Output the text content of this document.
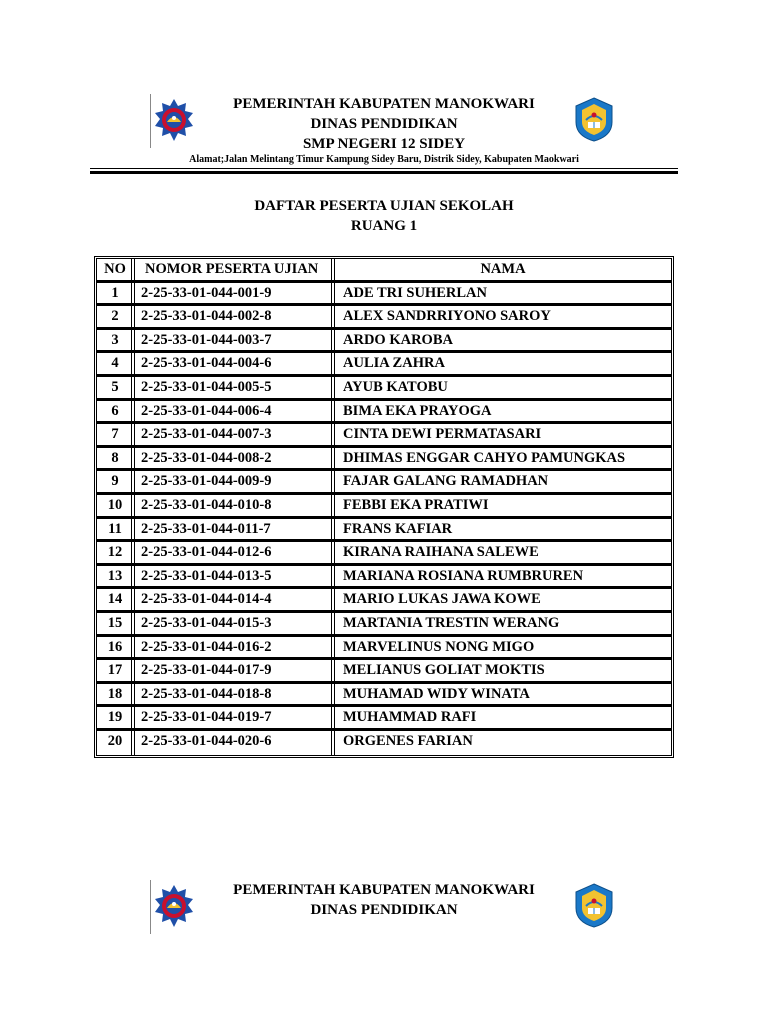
PEMERINTAH KABUPATEN MANOKWARI
DINAS PENDIDIKAN
SMP NEGERI 12 SIDEY
Alamat;Jalan Melintang Timur Kampung Sidey Baru, Distrik Sidey, Kabupaten Maokwari
DAFTAR PESERTA UJIAN SEKOLAH
RUANG 1
NO	NOMOR PESERTA UJIAN	NAMA
1	2-25-33-01-044-001-9	ADE TRI SUHERLAN
2	2-25-33-01-044-002-8	ALEX SANDRRIYONO SAROY
3	2-25-33-01-044-003-7	ARDO KAROBA
4	2-25-33-01-044-004-6	AULIA ZAHRA
5	2-25-33-01-044-005-5	AYUB KATOBU
6	2-25-33-01-044-006-4	BIMA EKA PRAYOGA
7	2-25-33-01-044-007-3	CINTA DEWI PERMATASARI
8	2-25-33-01-044-008-2	DHIMAS ENGGAR CAHYO PAMUNGKAS
9	2-25-33-01-044-009-9	FAJAR GALANG RAMADHAN
10	2-25-33-01-044-010-8	FEBBI EKA PRATIWI
11	2-25-33-01-044-011-7	FRANS KAFIAR
12	2-25-33-01-044-012-6	KIRANA RAIHANA SALEWE
13	2-25-33-01-044-013-5	MARIANA ROSIANA RUMBRUREN
14	2-25-33-01-044-014-4	MARIO LUKAS JAWA KOWE
15	2-25-33-01-044-015-3	MARTANIA TRESTIN WERANG
16	2-25-33-01-044-016-2	MARVELINUS NONG MIGO
17	2-25-33-01-044-017-9	MELIANUS GOLIAT MOKTIS
18	2-25-33-01-044-018-8	MUHAMAD WIDY WINATA
19	2-25-33-01-044-019-7	MUHAMMAD RAFI
20	2-25-33-01-044-020-6	ORGENES FARIAN
PEMERINTAH KABUPATEN MANOKWARI
DINAS PENDIDIKAN
